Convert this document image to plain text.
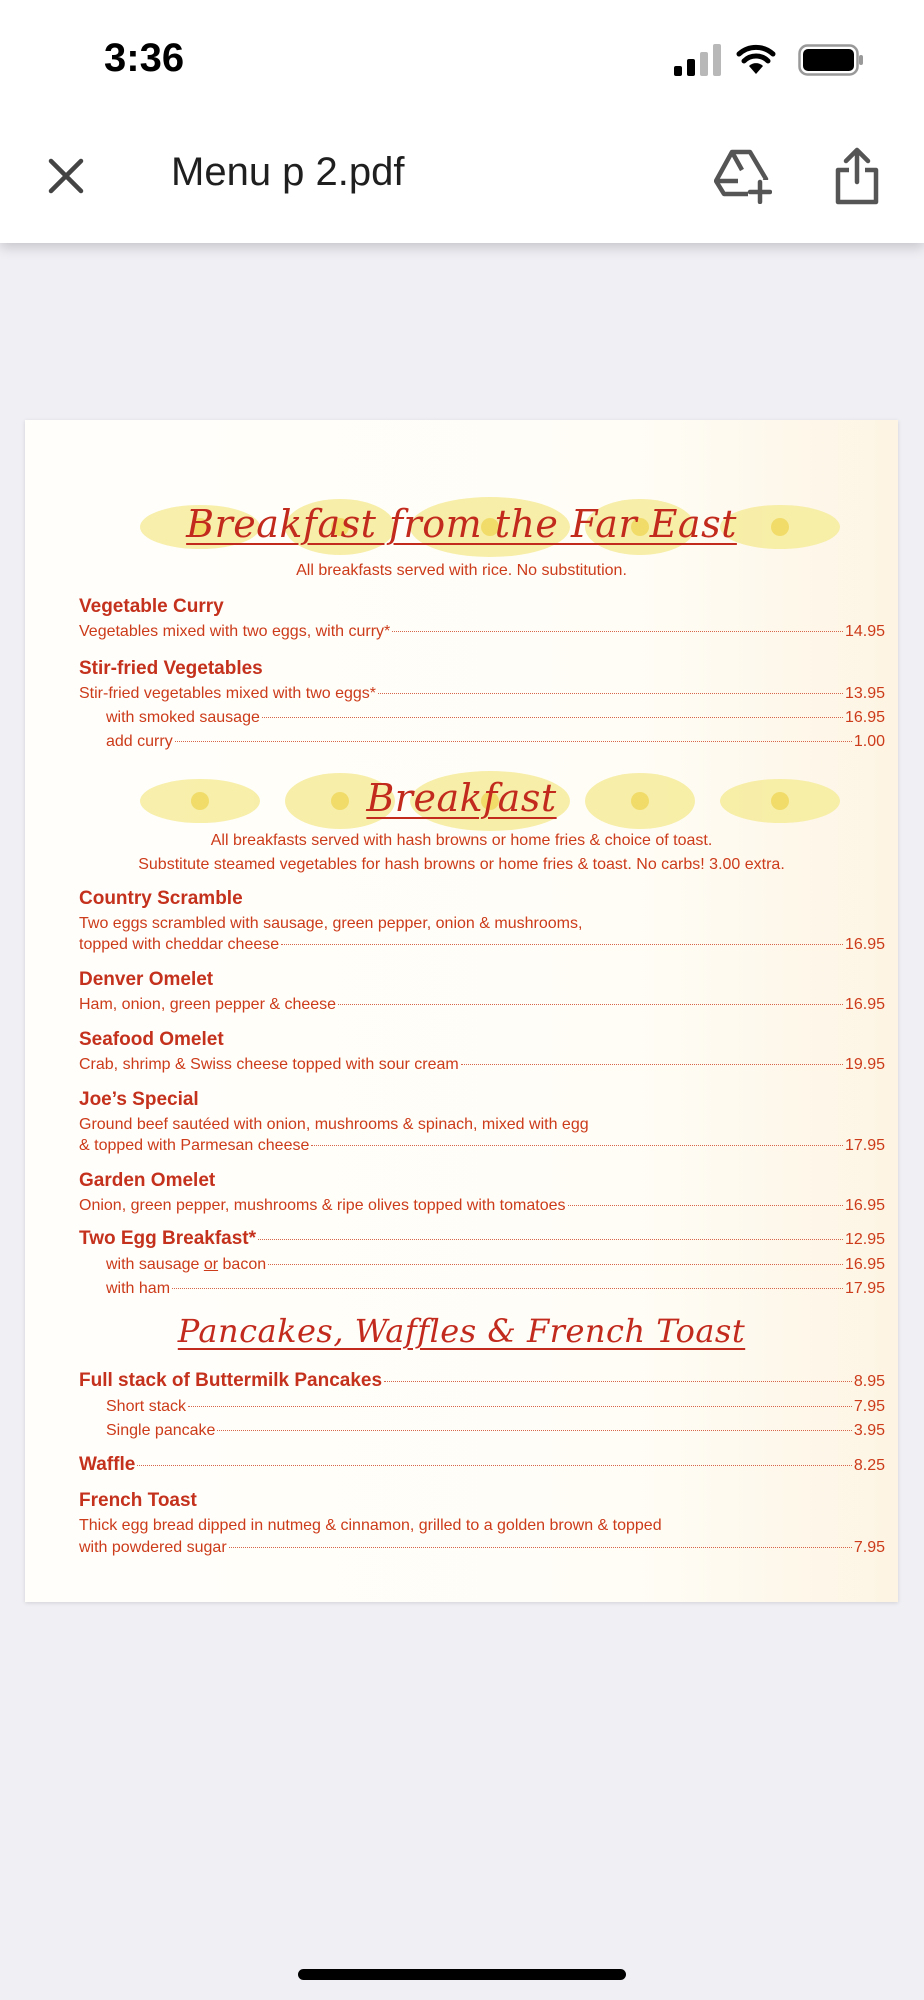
3:36
Menu p 2.pdf
Breakfast from the Far East
All breakfasts served with rice. No substitution.
Vegetable Curry
Vegetables mixed with two eggs, with curry*	14.95
Stir-fried Vegetables
Stir-fried vegetables mixed with two eggs*	13.95
with smoked sausage	16.95
add curry	1.00
Breakfast
All breakfasts served with hash browns or home fries & choice of toast.
Substitute steamed vegetables for hash browns or home fries & toast. No carbs! 3.00 extra.
Country Scramble
Two eggs scrambled with sausage, green pepper, onion & mushrooms,
topped with cheddar cheese	16.95
Denver Omelet
Ham, onion, green pepper & cheese	16.95
Seafood Omelet
Crab, shrimp & Swiss cheese topped with sour cream	19.95
Joe’s Special
Ground beef sautéed with onion, mushrooms & spinach, mixed with egg
& topped with Parmesan cheese	17.95
Garden Omelet
Onion, green pepper, mushrooms & ripe olives topped with tomatoes	16.95
Two Egg Breakfast*	12.95
with sausage or bacon	16.95
with ham	17.95
Pancakes, Waffles & French Toast
Full stack of Buttermilk Pancakes	8.95
Short stack	7.95
Single pancake	3.95
Waffle	8.25
French Toast
Thick egg bread dipped in nutmeg & cinnamon, grilled to a golden brown & topped
with powdered sugar	7.95
